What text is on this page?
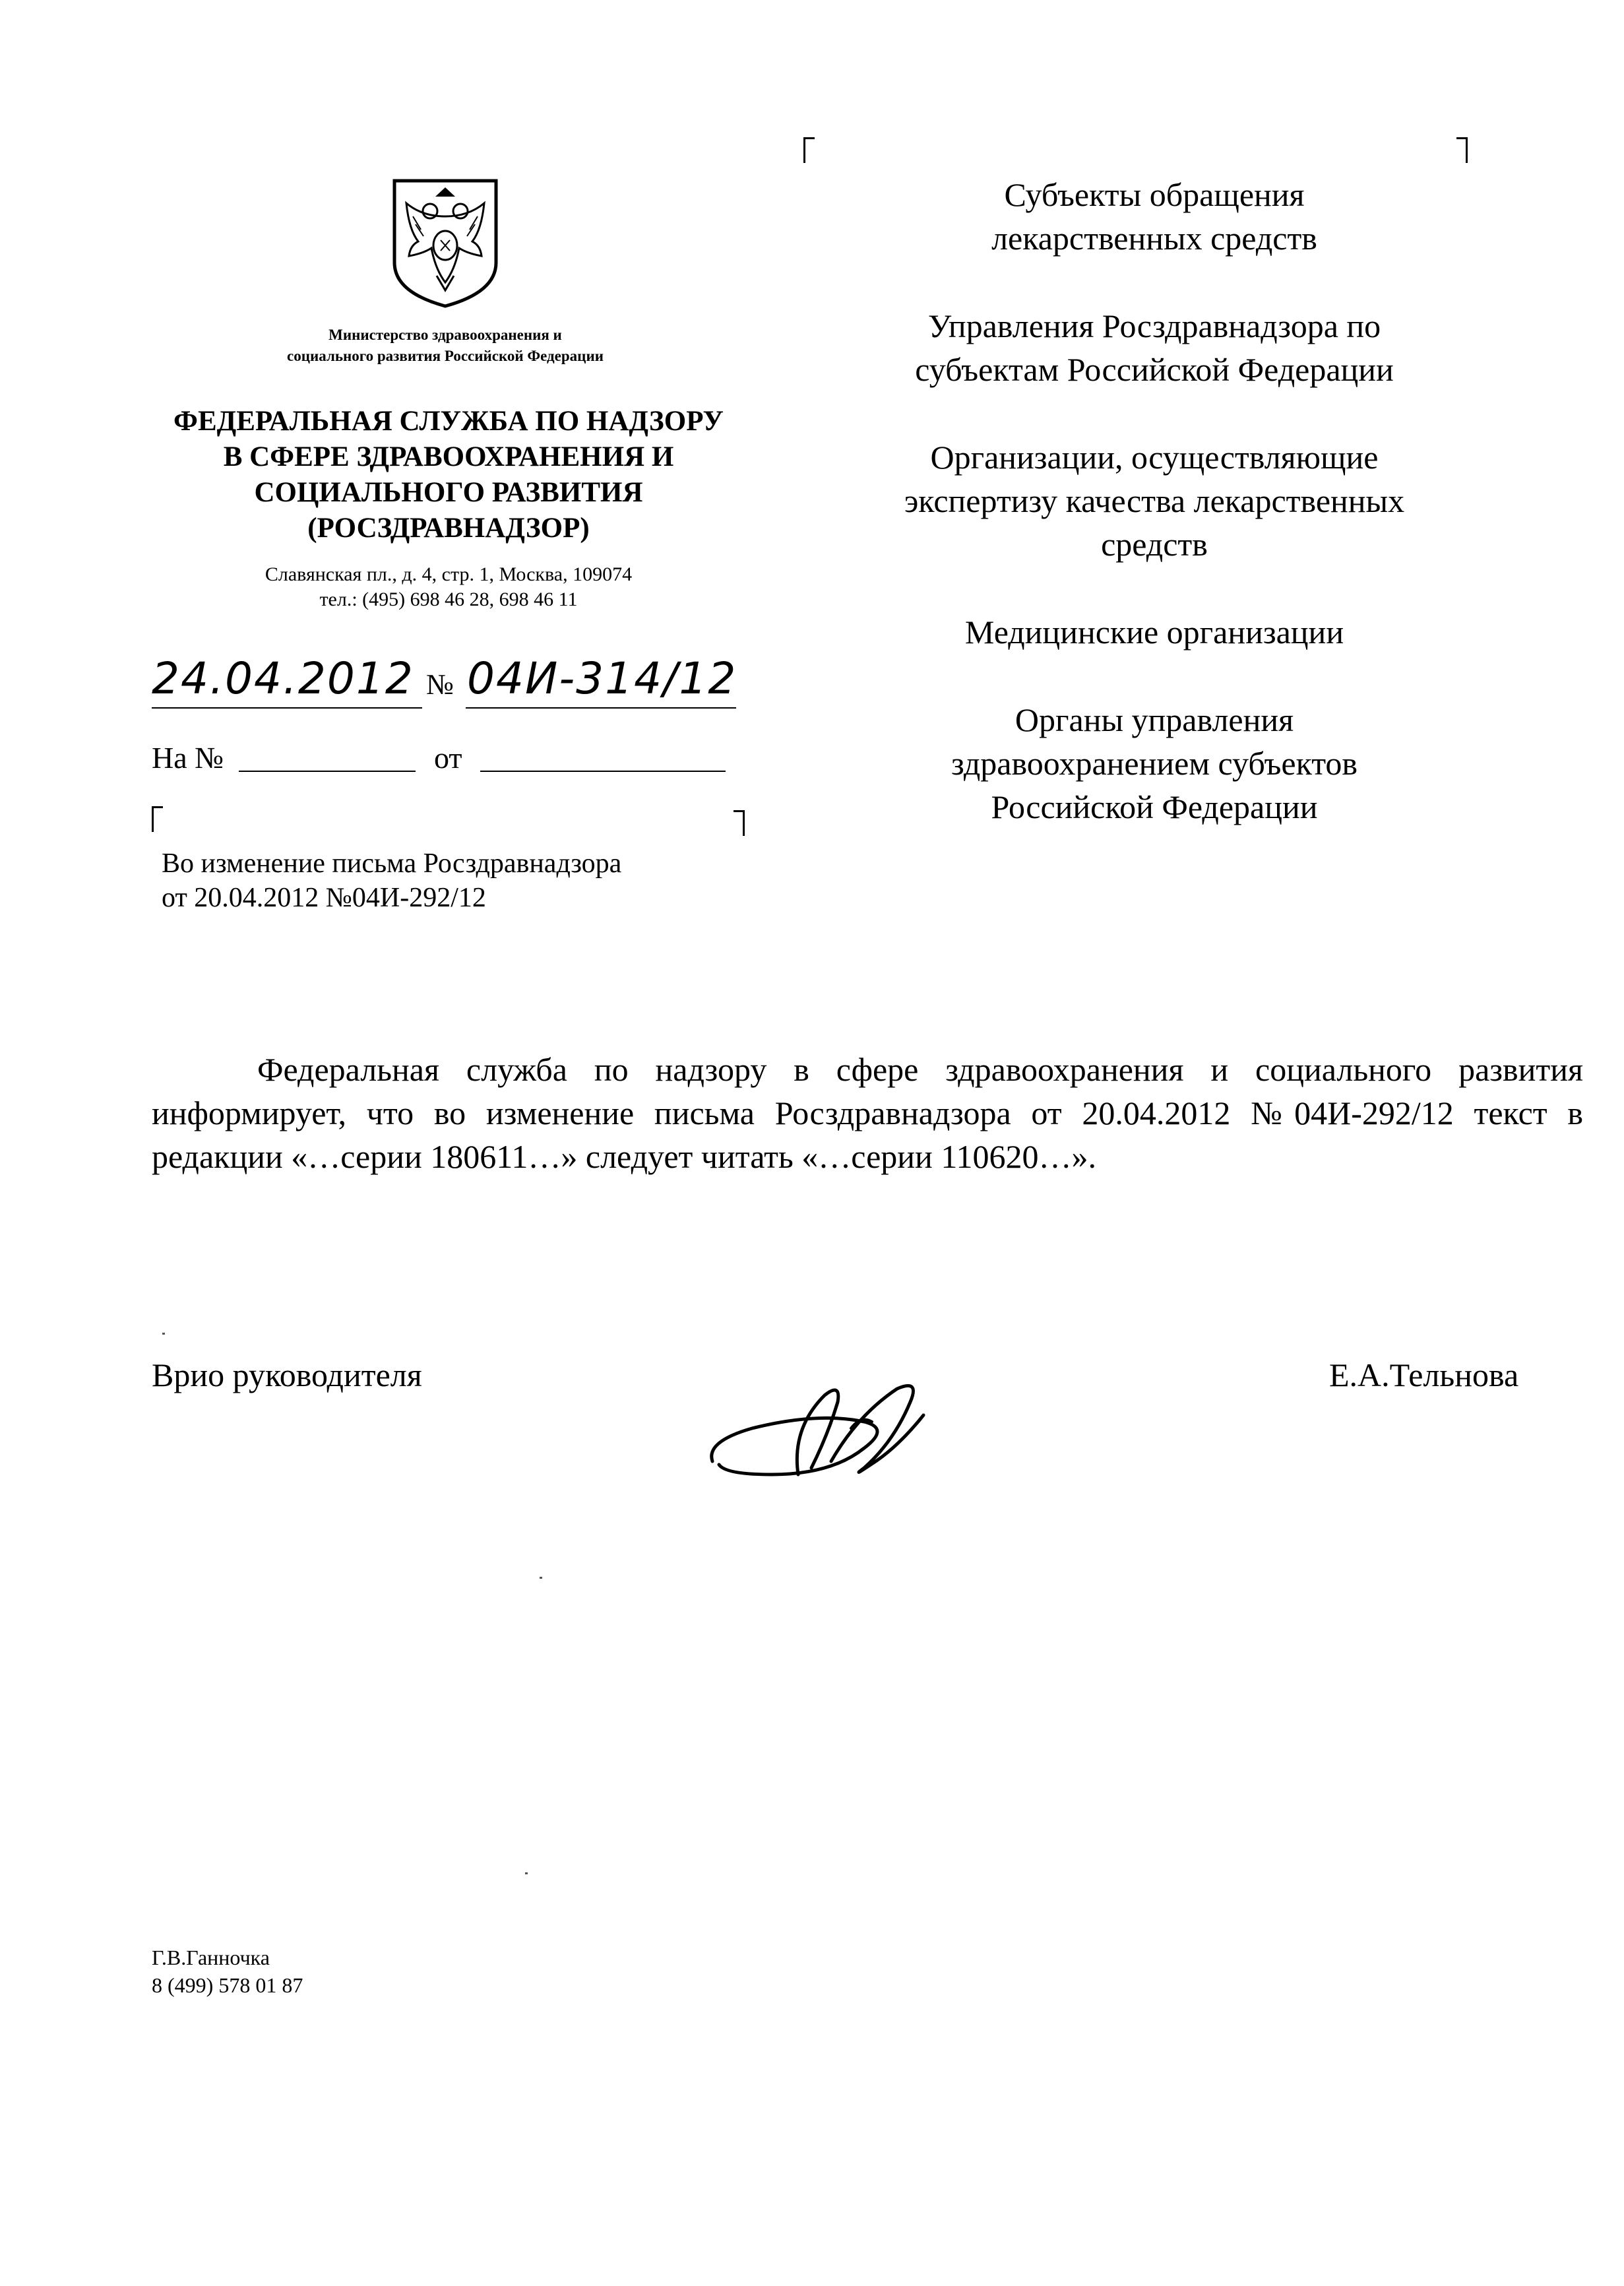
Министерство здравоохранения и
социального развития Российской Федерации
ФЕДЕРАЛЬНАЯ СЛУЖБА ПО НАДЗОРУ
В СФЕРЕ ЗДРАВООХРАНЕНИЯ И
СОЦИАЛЬНОГО РАЗВИТИЯ
(РОСЗДРАВНАДЗОР)
Славянская пл., д. 4, стр. 1, Москва, 109074
тел.: (495) 698 46 28, 698 46 11
24.04.2012 № 04И-314/12
На №	от
Во изменение письма Росздравнадзора
от 20.04.2012 №04И-292/12
Субъекты обращения
лекарственных средств
Управления Росздравнадзора по
субъектам Российской Федерации
Организации, осуществляющие
экспертизу качества лекарственных
средств
Медицинские организации
Органы управления
здравоохранением субъектов
Российской Федерации
Федеральная служба по надзору в сфере здравоохранения и социального развития информирует, что во изменение письма Росздравнадзора от 20.04.2012 №04И-292/12 текст в редакции «…серии 180611…» следует читать «…серии 110620…».
Врио руководителя	Е.А.Тельнова
Г.В.Ганночка
8 (499) 578 01 87
